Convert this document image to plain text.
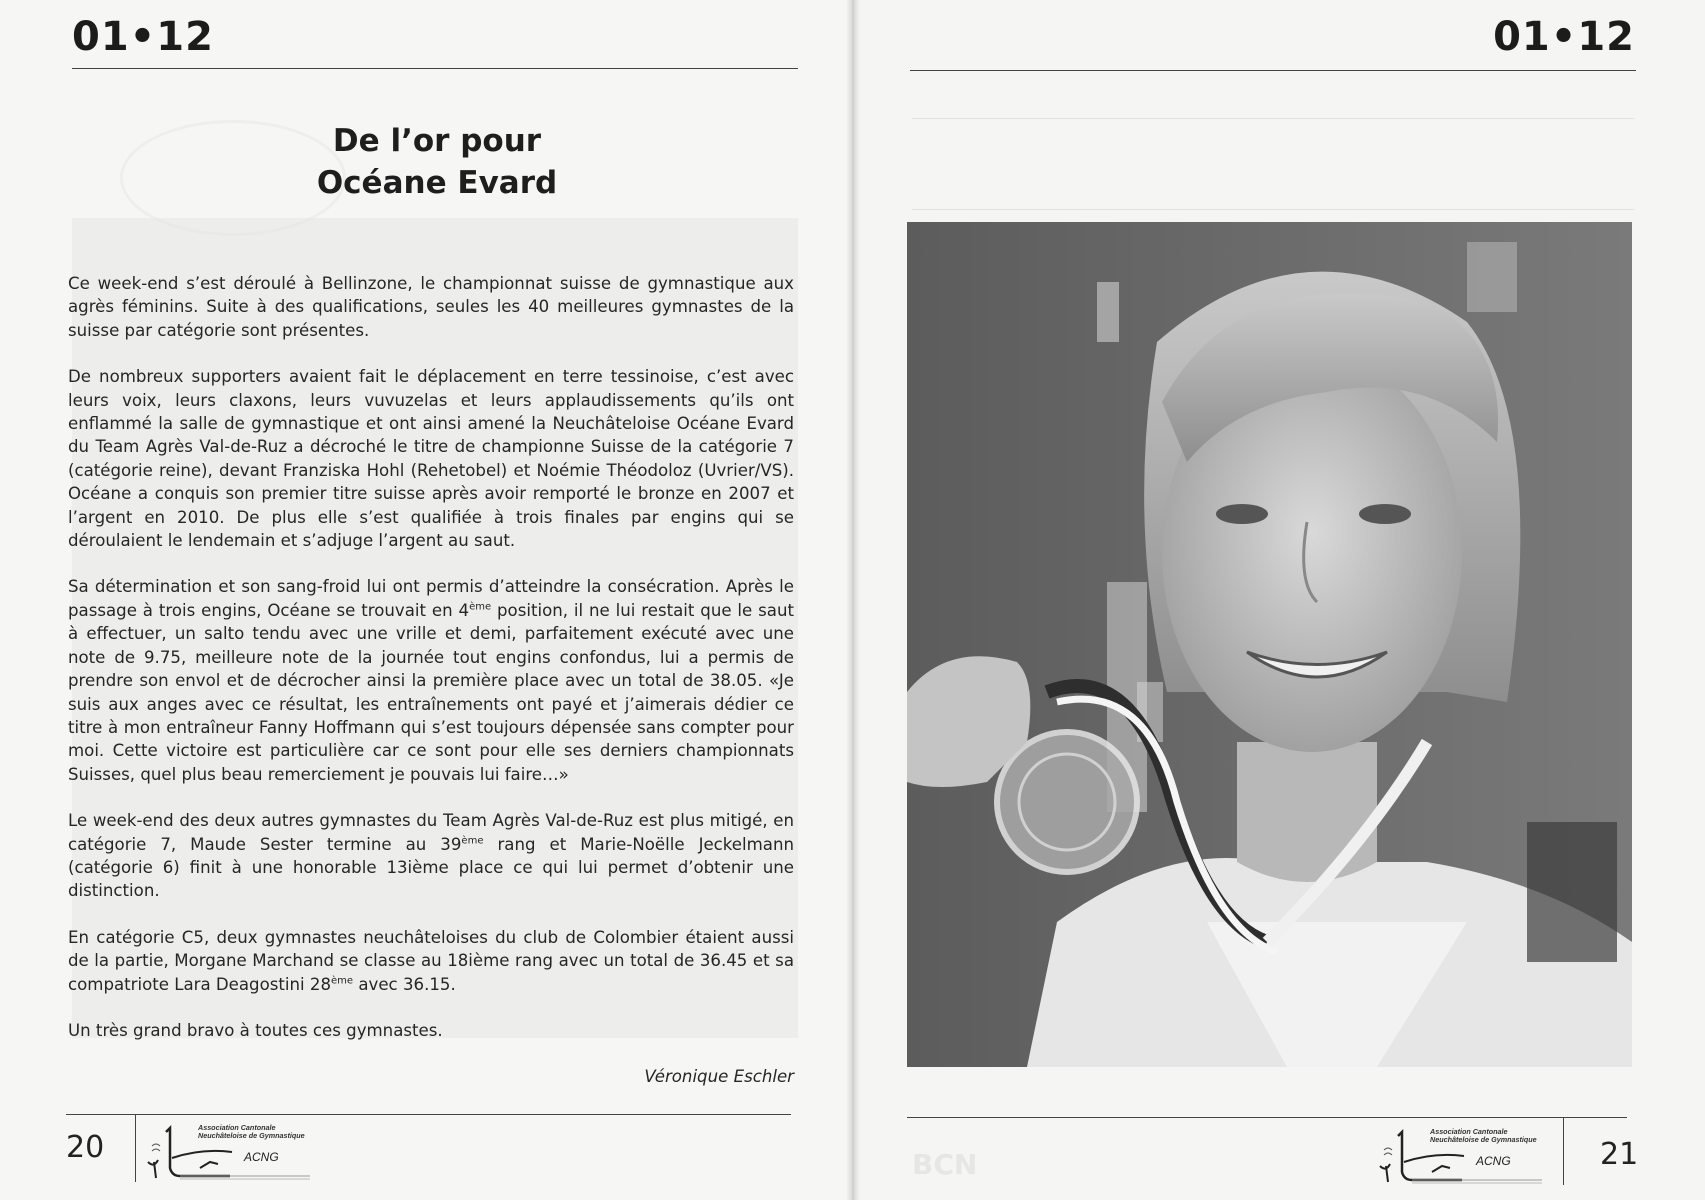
01•12
De l’or pour
Océane Evard

Ce week-end s’est déroulé à Bellinzone, le championnat suisse de gymnastique aux agrès féminins. Suite à des qualifications, seules les 40 meilleures gymnastes de la suisse par catégorie sont présentes.

De nombreux supporters avaient fait le déplacement en terre tessinoise, c’est avec leurs voix, leurs claxons, leurs vuvuzelas et leurs applaudissements qu’ils ont enflammé la salle de gymnastique et ont ainsi amené la Neuchâteloise Océane Evard du Team Agrès Val-de-Ruz a décroché le titre de championne Suisse de la catégorie 7 (catégorie reine), devant Franziska Hohl (Rehetobel) et Noémie Théodoloz (Uvrier/VS). Océane a conquis son premier titre suisse après avoir remporté le bronze en 2007 et l’argent en 2010. De plus elle s’est qualifiée à trois finales par engins qui se déroulaient le lendemain et s’adjuge l’argent au saut.

Sa détermination et son sang-froid lui ont permis d’atteindre la consécration. Après le passage à trois engins, Océane se trouvait en 4ème position, il ne lui restait que le saut à effectuer, un salto tendu avec une vrille et demi, parfaitement exécuté avec une note de 9.75, meilleure note de la journée tout engins confondus, lui a permis de prendre son envol et de décrocher ainsi la première place avec un total de 38.05. «Je suis aux anges avec ce résultat, les entraînements ont payé et j’aimerais dédier ce titre à mon entraîneur Fanny Hoffmann qui s’est toujours dépensée sans compter pour moi. Cette victoire est particulière car ce sont pour elle ses derniers championnats Suisses, quel plus beau remerciement je pouvais lui faire…»

Le week-end des deux autres gymnastes du Team Agrès Val-de-Ruz est plus mitigé, en catégorie 7, Maude Sester termine au 39ème rang et Marie-Noëlle Jeckelmann (catégorie 6) finit à une honorable 13ième place ce qui lui permet d’obtenir une distinction.

En catégorie C5, deux gymnastes neuchâteloises du club de Colombier étaient aussi de la partie, Morgane Marchand se classe au 18ième rang avec un total de 36.45 et sa compatriote Lara Deagostini 28ème avec 36.15.

Un très grand bravo à toutes ces gymnastes.

Véronique Eschler

20
Association Cantonale
Neuchâteloise de Gymnastique
ACNG
01•12
BCN	21
Association Cantonale
Neuchâteloise de Gymnastique
ACNG
